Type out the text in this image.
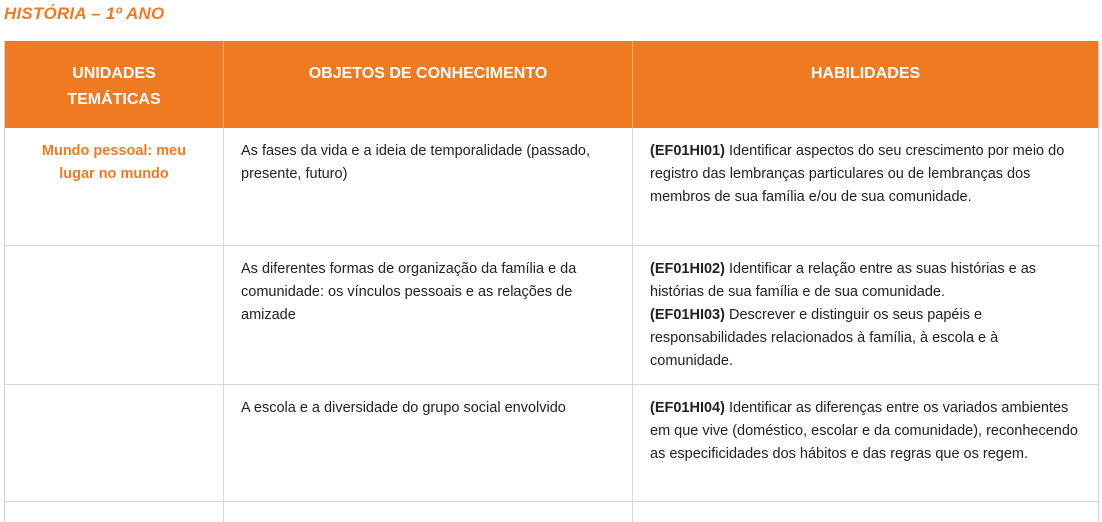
HISTÓRIA – 1º ANO
UNIDADES TEMÁTICAS
OBJETOS DE CONHECIMENTO	HABILIDADES
Mundo pessoal: meu lugar no mundo
As fases da vida e a ideia de temporalidade (passado, presente, futuro)
(EF01HI01) Identificar aspectos do seu crescimento por meio do registro das lembranças particulares ou de lembranças dos membros de sua família e/ou de sua comunidade.
As diferentes formas de organização da família e da comunidade: os vínculos pessoais e as relações de amizade
(EF01HI02) Identificar a relação entre as suas histórias e as histórias de sua família e de sua comunidade.
(EF01HI03) Descrever e distinguir os seus papéis e responsabilidades relacionados à família, à escola e à comunidade.
A escola e a diversidade do grupo social envolvido	(EF01HI04) Identificar as diferenças entre os variados ambientes em que vive (doméstico, escolar e da comunidade), reconhecendo as especificidades dos hábitos e das regras que os regem.
